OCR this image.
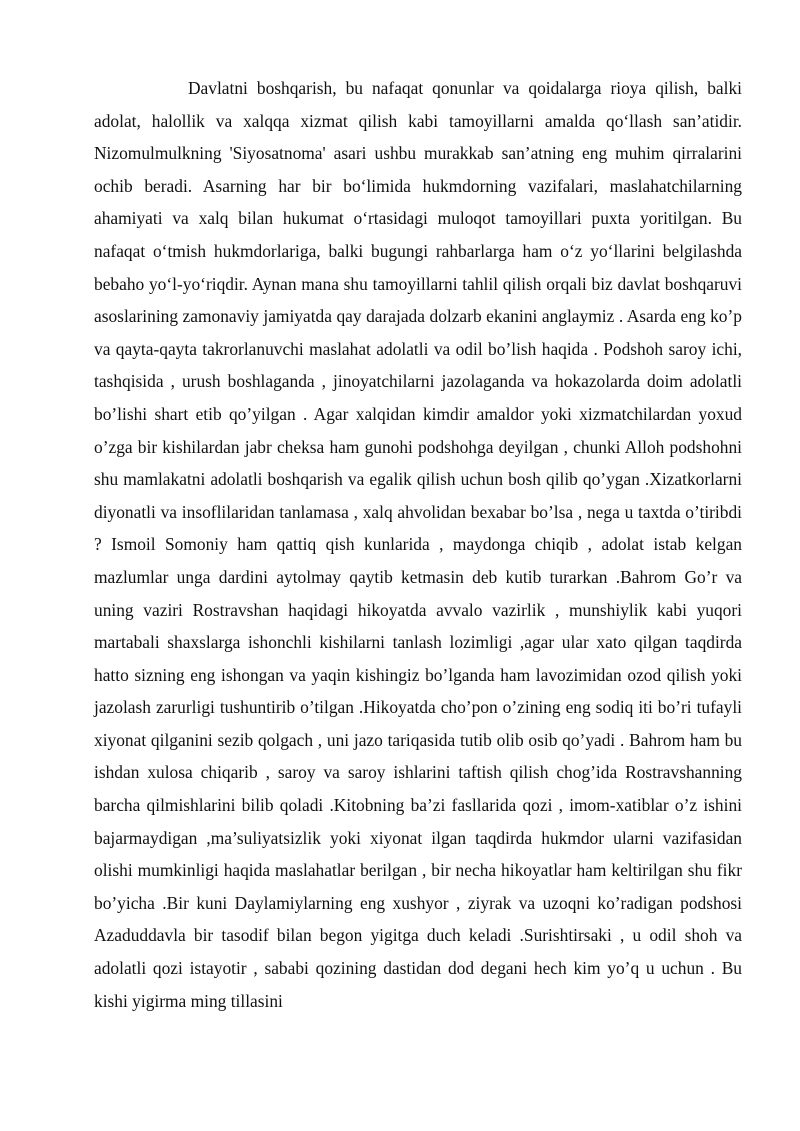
Davlatni boshqarish, bu nafaqat qonunlar va qoidalarga rioya qilish, balki adolat, halollik va xalqqa xizmat qilish kabi tamoyillarni amalda qo‘llash san’atidir. Nizomulmulkning 'Siyosatnoma' asari ushbu murakkab san’atning eng muhim qirralarini ochib beradi. Asarning har bir bo‘limida hukmdorning vazifalari, maslahatchilarning ahamiyati va xalq bilan hukumat o‘rtasidagi muloqot tamoyillari puxta yoritilgan. Bu nafaqat o‘tmish hukmdorlariga, balki bugungi rahbarlarga ham o‘z yo‘llarini belgilashda bebaho yo‘l-yo‘riqdir. Aynan mana shu tamoyillarni tahlil qilish orqali biz davlat boshqaruvi asoslarining zamonaviy jamiyatda qay darajada dolzarb ekanini anglaymiz . Asarda eng ko’p va qayta-qayta takrorlanuvchi maslahat adolatli va odil bo’lish haqida . Podshoh saroy ichi, tashqisida , urush boshlaganda , jinoyatchilarni jazolaganda va hokazolarda doim adolatli bo’lishi shart etib qo’yilgan . Agar xalqidan kimdir amaldor yoki xizmatchilardan yoxud o’zga bir kishilardan jabr cheksa ham gunohi podshohga deyilgan , chunki Alloh podshohni shu mamlakatni adolatli boshqarish va egalik qilish uchun bosh qilib qo’ygan .Xizatkorlarni diyonatli va insoflilaridan tanlamasa , xalq ahvolidan bexabar bo’lsa , nega u taxtda o’tiribdi ? Ismoil Somoniy ham qattiq qish kunlarida , maydonga chiqib , adolat istab kelgan mazlumlar unga dardini aytolmay qaytib ketmasin deb kutib turarkan .Bahrom Go’r va uning vaziri Rostravshan haqidagi hikoyatda avvalo vazirlik , munshiylik kabi yuqori martabali shaxslarga ishonchli kishilarni tanlash lozimligi ,agar ular xato qilgan taqdirda hatto sizning eng ishongan va yaqin kishingiz bo’lganda ham lavozimidan ozod qilish yoki jazolash zarurligi tushuntirib o’tilgan .Hikoyatda cho’pon o’zining eng sodiq iti bo’ri tufayli xiyonat qilganini sezib qolgach , uni jazo tariqasida tutib olib osib qo’yadi . Bahrom ham bu ishdan xulosa chiqarib , saroy va saroy ishlarini taftish qilish chog’ida Rostravshanning barcha qilmishlarini bilib qoladi .Kitobning ba’zi fasllarida qozi , imom-xatiblar o’z ishini bajarmaydigan ,ma’suliyatsizlik yoki xiyonat ilgan taqdirda hukmdor ularni vazifasidan olishi mumkinligi haqida maslahatlar berilgan , bir necha hikoyatlar ham keltirilgan shu fikr bo’yicha .Bir kuni Daylamiylarning eng xushyor , ziyrak va uzoqni ko’radigan podshosi Azaduddavla bir tasodif bilan begon yigitga duch keladi .Surishtirsaki , u odil shoh va adolatli qozi istayotir , sababi qozining dastidan dod degani hech kim yo’q u uchun . Bu kishi yigirma ming tillasini
